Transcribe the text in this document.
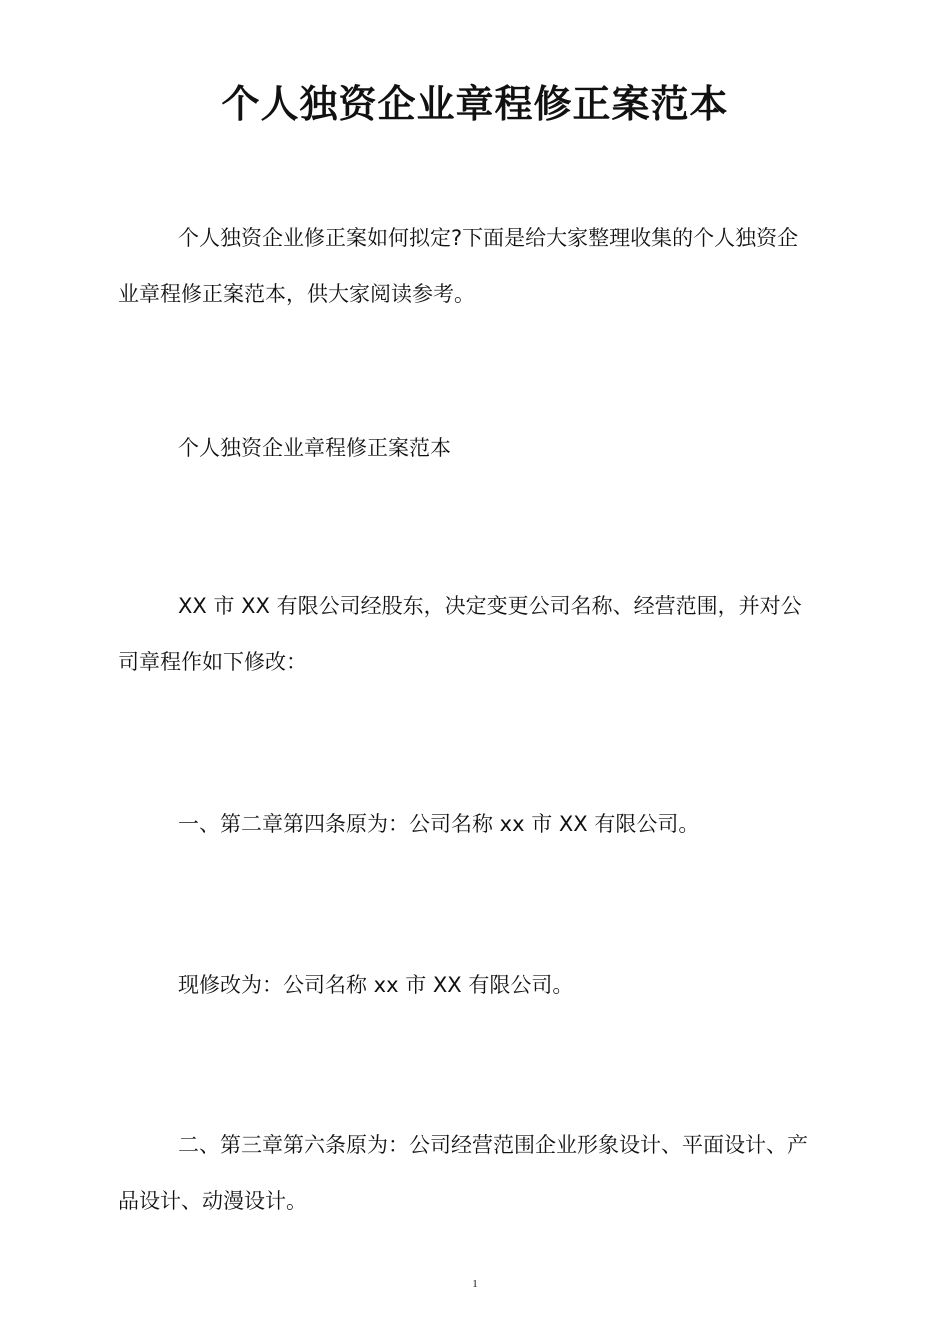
个人独资企业章程修正案范本

个人独资企业修正案如何拟定?下面是给大家整理收集的个人独资企业章程修正案范本，供大家阅读参考。

个人独资企业章程修正案范本

XX 市 XX 有限公司经股东，决定变更公司名称、经营范围，并对公司章程作如下修改：

一、第二章第四条原为：公司名称 xx 市 XX 有限公司。

现修改为：公司名称 xx 市 XX 有限公司。

二、第三章第六条原为：公司经营范围企业形象设计、平面设计、产品设计、动漫设计。

1
